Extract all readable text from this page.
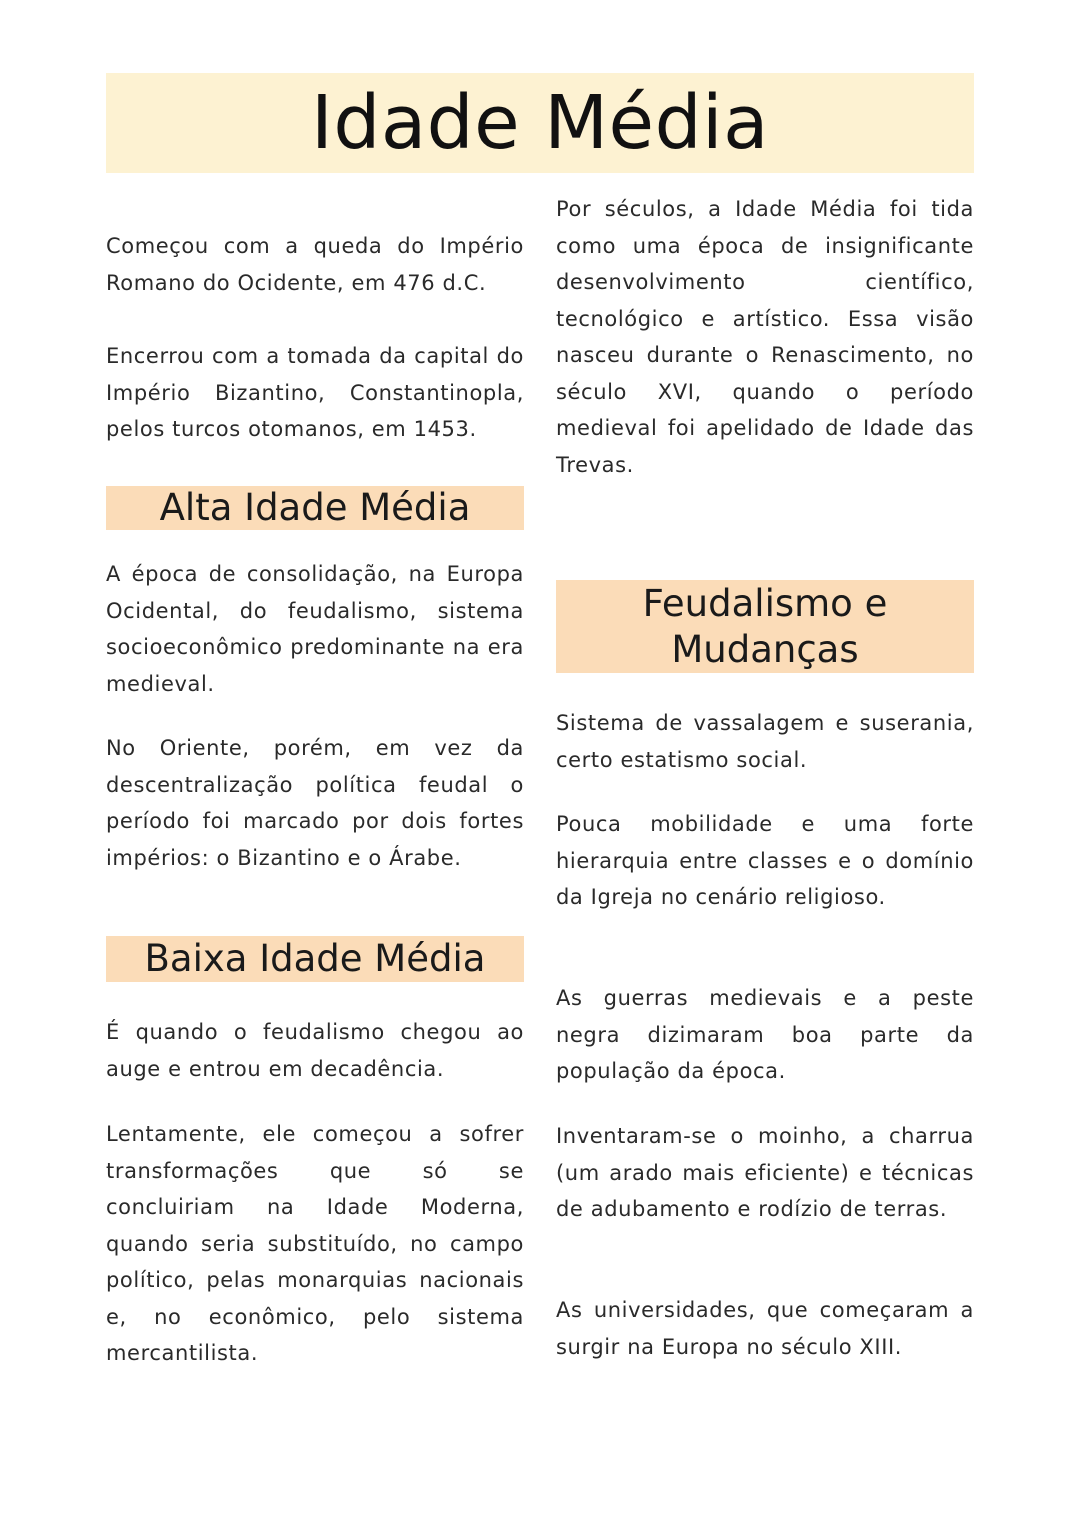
Idade Média

Começou com a queda do Império Romano do Ocidente, em 476 d.C.

Encerrou com a tomada da capital do Império Bizantino, Constantinopla, pelos turcos otomanos, em 1453.

Alta Idade Média

A época de consolidação, na Europa Ocidental, do feudalismo, sistema socioeconômico predominante na era medieval.

No Oriente, porém, em vez da descentralização política feudal o período foi marcado por dois fortes impérios: o Bizantino e o Árabe.

Baixa Idade Média

É quando o feudalismo chegou ao auge e entrou em decadência.

Lentamente, ele começou a sofrer transformações que só se concluiriam na Idade Moderna, quando seria substituído, no campo político, pelas monarquias nacionais e, no econômico, pelo sistema mercantilista.

Por séculos, a Idade Média foi tida como uma época de insignificante desenvolvimento científico, tecnológico e artístico. Essa visão nasceu durante o Renascimento, no século XVI, quando o período medieval foi apelidado de Idade das Trevas.

Feudalismo e
Mudanças

Sistema de vassalagem e suserania, certo estatismo social.

Pouca mobilidade e uma forte hierarquia entre classes e o domínio da Igreja no cenário religioso.

As guerras medievais e a peste negra dizimaram boa parte da população da época.

Inventaram-se o moinho, a charrua (um arado mais eficiente) e técnicas de adubamento e rodízio de terras.

As universidades, que começaram a surgir na Europa no século XIII.
